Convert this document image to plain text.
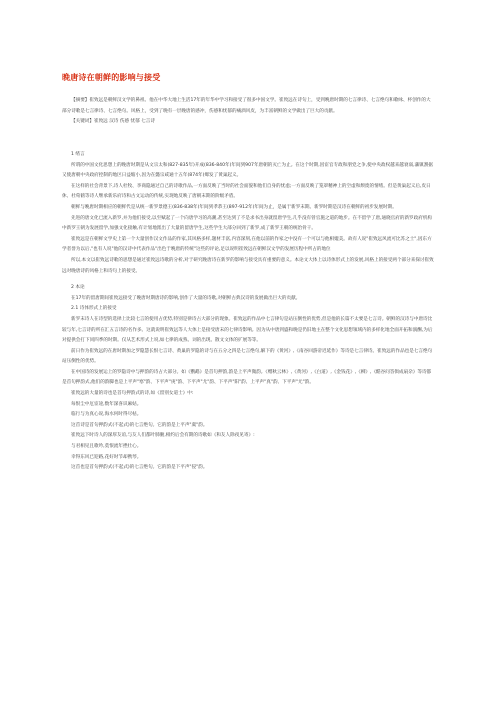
晚唐诗在朝鲜的影响与接受

【摘要】崔致远是朝鲜汉文学的鼻祖。他在中华大地上生活17年的年华中学习和接受了很多中国文学。崔致远在诗句上，受到晚唐时期的七言律诗、七言绝句和歌咏、杯创作的大部分诗歌是七言律诗、七言绝句。风格上，受到了晚有一层晚唐的感冲，伤感和忧郁的痛酒风皮，为丰富朝鲜的文学做出了巨大的贡献。

【关键词】崔致远 汉诗 伤感 忧郁 七言诗

1 绪言

所谓的中国文化思想上的晚唐时期是从文宗太和(827-835年)开成(836-840年)年间到907年唐朝的灭亡为止。在这个时期,因宦官专政和朋党之争,使中央政权越来越衰弱,藩镇割据又使唐朝中央政府控制的地区日益缩小,因为在懿宗咸通十五年(874年)爆发了黄巢起义。

在这样的社会背景下,诗人杜牧、李商隐通过自己的诗歌作品,一方面反映了当时的社会面貌和他们自身的忧虑;一方面反映了笼罩精神上的空虚和颓废的情绪。但是黄巢起义后,皮日休、杜荀鹤等诗人继承新乐府诗和古文运动的传统,实现地反映了唐朝末期的阶级矛盾。

朝鲜与晚唐时期相应的朝鲜代是从统一新罗景德王(836-838年)年间到孝恭王(897-912年)年间为止，是属于新罗末期。新罗时期是汉诗在朝鲜的初步发展时期。

先进的唐文化已流入新罗,并为他们接受,以至赋起了一个向唐学习的高潮,甚至达到了不是求书出身就留唐学生,几乎没有曾官施之道的地步。在不留学了唐,通晓官府的新罗政府机构中新罗王朝为发展留学,加强文化接触,有计划地派出了大量的留唐学生,这些学生大部分回到了新罗,成了新罗王朝的统治骨干。

崔致远是在朝鲜文学史上第一个大量创作汉文作品的作家,其风格多样,题材丰富,内容深刻,在他以前的作家之中没有一个可以与他相媲美。故有人说"崔致远风流可比苏之士",因东方学者誉为以后,"也有人说"他的汉诗中代表作品"出色于晚唐的传统"这些的评论,足以说明崔致远在朝鲜汉文学的发展历程中所占的地位

所以,本文以崔致远诗歌的思想是通过崔致远诗歌的分析,对于研究晚唐诗在新罗的影响与接受具有重要的意义。本论文大体上以诗体形式上的发展,风格上的接受两个部分来探讨崔致远对晚唐诗的风格上和诗句上的接受。

2 本论

在17年的留唐期间崔致远接受了晚唐时期唐诗的影响,创作了大量的诗歌,对朝鲜古典汉诗的发展做出巨大的贡献。

2.1 诗体形式上的接受

新罗末诗人在诗型的选择上比较七言的使用占优势,特别是律诗占大部分的现象。崔致远的作品中七言律句是站压倒性的优势,但是他的长篇不太要是七言诗。朝鲜的汉诗与中唐诗比较与年,七言诗的所在汇五言诗的名作多。这就说明崔致远等人大体上是接受唐末的七律诗影响。因为从中唐到盛和晚是仍旧地主在整个文化思想领域内的多样化地全面开拓和演酬,为后对提供会打下同四季的时期。仅从艺术形式上说,如七律的成熟、词的出现、散文文体的扩展等等。

前日作为崔致远的在唐时期加之罗隐慧长恨七言诗、黄巢的罗隐的诗与在五分之四是七言绝句,解下的《黄河》,《南谷回游帝迟延作》等诗是七言律诗。崔致远的作品也是七言绝句站压倒性的优势。

在中国诗的发展运上的罗隐诗中与押韵的诗占大部分。如《鹦鹉》是首句押韵,韵是上平声微韵。《赠秋云林》,《黄河》,《白道》,《金钱花》,《柳》,《酷谷问答俱成扇杂》等诗都是首句押韵式,他们的韵脚也是上平声"寒"韵、下平声"庚"韵、下平声"尤"韵、下平声"阳"韵、上平声"真"韵、下平声"尤"韵。

崔致远的大量的诗也是首句押韵式的诗,如《留别女道士》中:

每恨尘中厄宦途,数年深喜识麻姑。

临行与为真心说,海水何时得尽枯。

这首诗是首句押韵式(不起式)的七言绝句。它的韵是上平声"虞"韵。

崔致远下时诗人的深厚友谊,与友人们都叶肺腑,相约后会有期的诗歌如《和友人除夜见寄》:

与君相见且歌吟,莫恨流年挫壮心。

幸得东风已迎路,花好时节却携琴。

这首也是首句押韵式(不起式)的七言绝句。它的韵是下平声"侵"韵。
